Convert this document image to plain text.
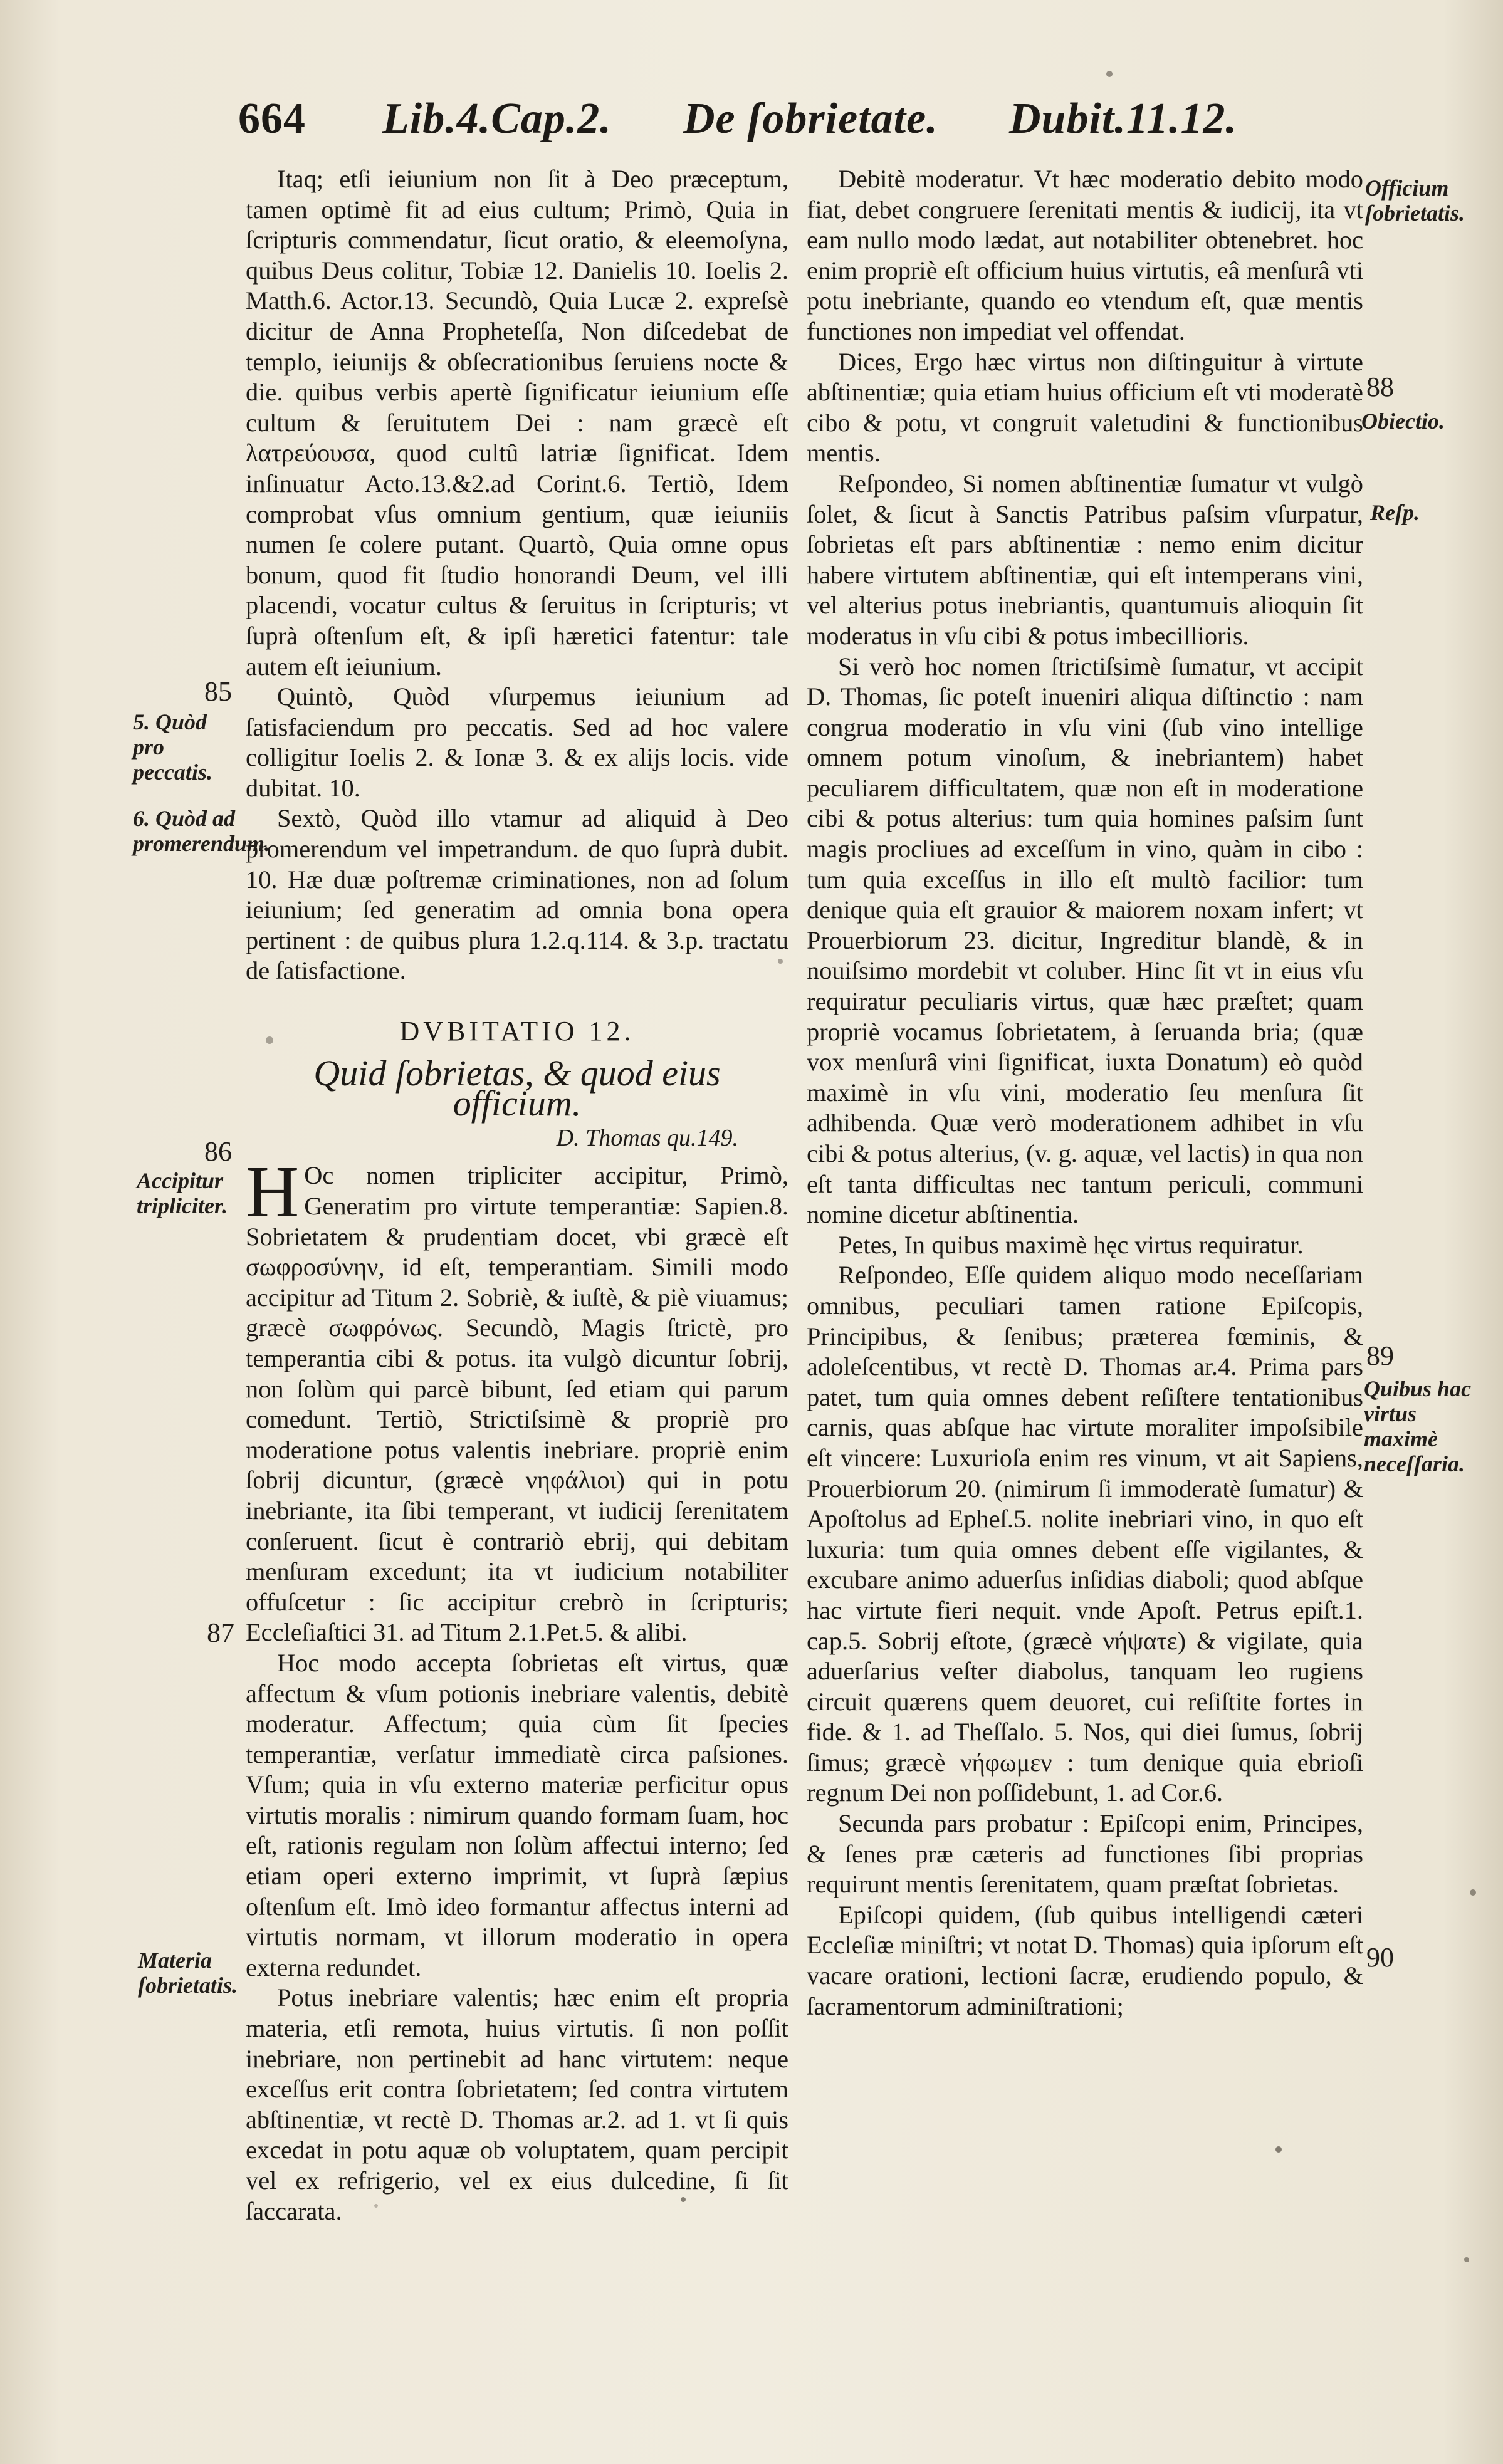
664 Lib.4.Cap.2. De ſobrietate. Dubit.11.12.

Itaq; etſi ieiunium non ſit à Deo præceptum, tamen optimè fit ad eius cultum; Primò, Quia in ſcripturis commendatur, ſicut oratio, & eleemoſyna, quibus Deus colitur, Tobiæ 12. Danielis 10. Ioelis 2. Matth.6. Actor.13. Secundò, Quia Lucæ 2. expreſsè dicitur de Anna Propheteſſa, Non diſcedebat de templo, ieiunijs & obſecrationibus ſeruiens nocte & die. quibus verbis apertè ſignificatur ieiunium eſſe cultum & ſeruitutem Dei : nam græcè eſt λατρεύουσα, quod cultû latriæ ſignificat. Idem inſinuatur Acto.13.&2.ad Corint.6. Tertiò, Idem comprobat vſus omnium gentium, quæ ieiuniis numen ſe colere putant. Quartò, Quia omne opus bonum, quod fit ſtudio honorandi Deum, vel illi placendi, vocatur cultus & ſeruitus in ſcripturis; vt ſuprà oſtenſum eſt, & ipſi hæretici fatentur: tale autem eſt ieiunium.

Quintò, Quòd vſurpemus ieiunium ad ſatisfaciendum pro peccatis. Sed ad hoc valere colligitur Ioelis 2. & Ionæ 3. & ex alijs locis. vide dubitat. 10.

Sextò, Quòd illo vtamur ad aliquid à Deo promerendum vel impetrandum. de quo ſuprà dubit. 10. Hæ duæ poſtremæ criminationes, non ad ſolum ieiunium; ſed generatim ad omnia bona opera pertinent : de quibus plura 1.2.q.114. & 3.p. tractatu de ſatisfactione.

DVBITATIO 12.
Quid ſobrietas, & quod eius officium.
D. Thomas qu.149.

H Oc nomen tripliciter accipitur, Primò, Generatim pro virtute temperantiæ: Sapien.8. Sobrietatem & prudentiam docet, vbi græcè eſt σωφροσύνην, id eſt, temperantiam. Simili modo accipitur ad Titum 2. Sobriè, & iuſtè, & piè viuamus; græcè σωφρόνως. Secundò, Magis ſtrictè, pro temperantia cibi & potus. ita vulgò dicuntur ſobrij, non ſolùm qui parcè bibunt, ſed etiam qui parum comedunt. Tertiò, Strictiſsimè & propriè pro moderatione potus valentis inebriare. propriè enim ſobrij dicuntur, (græcè νηφάλιοι) qui in potu inebriante, ita ſibi temperant, vt iudicij ſerenitatem conſeruent. ſicut è contrariò ebrij, qui debitam menſuram excedunt; ita vt iudicium notabiliter offuſcetur : ſic accipitur crebrò in ſcripturis; Eccleſiaſtici 31. ad Titum 2.1.Pet.5. & alibi.

Hoc modo accepta ſobrietas eſt virtus, quæ affectum & vſum potionis inebriare valentis, debitè moderatur. Affectum; quia cùm ſit ſpecies temperantiæ, verſatur immediatè circa paſsiones. Vſum; quia in vſu externo materiæ perficitur opus virtutis moralis : nimirum quando formam ſuam, hoc eſt, rationis regulam non ſolùm affectui interno; ſed etiam operi externo imprimit, vt ſuprà ſæpius oſtenſum eſt. Imò ideo formantur affectus interni ad virtutis normam, vt illorum moderatio in opera externa redundet.

Potus inebriare valentis; hæc enim eſt propria materia, etſi remota, huius virtutis. ſi non poſſit inebriare, non pertinebit ad hanc virtutem: neque exceſſus erit contra ſobrietatem; ſed contra virtutem abſtinentiæ, vt rectè D. Thomas ar.2. ad 1. vt ſi quis excedat in potu aquæ ob voluptatem, quam percipit vel ex refrigerio, vel ex eius dulcedine, ſi ſit ſaccarata.

Debitè moderatur. Vt hæc moderatio debito modo fiat, debet congruere ſerenitati mentis & iudicij, ita vt eam nullo modo lædat, aut notabiliter obtenebret. hoc enim propriè eſt officium huius virtutis, eâ menſurâ vti potu inebriante, quando eo vtendum eſt, quæ mentis functiones non impediat vel offendat.

Dices, Ergo hæc virtus non diſtinguitur à virtute abſtinentiæ; quia etiam huius officium eſt vti moderatè cibo & potu, vt congruit valetudini & functionibus mentis.

Reſpondeo, Si nomen abſtinentiæ ſumatur vt vulgò ſolet, & ſicut à Sanctis Patribus paſsim vſurpatur, ſobrietas eſt pars abſtinentiæ : nemo enim dicitur habere virtutem abſtinentiæ, qui eſt intemperans vini, vel alterius potus inebriantis, quantumuis alioquin ſit moderatus in vſu cibi & potus imbecillioris.

Si verò hoc nomen ſtrictiſsimè ſumatur, vt accipit D. Thomas, ſic poteſt inueniri aliqua diſtinctio : nam congrua moderatio in vſu vini (ſub vino intellige omnem potum vinoſum, & inebriantem) habet peculiarem difficultatem, quæ non eſt in moderatione cibi & potus alterius: tum quia homines paſsim ſunt magis procliues ad exceſſum in vino, quàm in cibo : tum quia exceſſus in illo eſt multò facilior: tum denique quia eſt grauior & maiorem noxam infert; vt Prouerbiorum 23. dicitur, Ingreditur blandè, & in nouiſsimo mordebit vt coluber. Hinc ſit vt in eius vſu requiratur peculiaris virtus, quæ hæc præſtet; quam propriè vocamus ſobrietatem, à ſeruanda bria; (quæ vox menſurâ vini ſignificat, iuxta Donatum) eò quòd maximè in vſu vini, moderatio ſeu menſura ſit adhibenda. Quæ verò moderationem adhibet in vſu cibi & potus alterius, (v. g. aquæ, vel lactis) in qua non eſt tanta difficultas nec tantum periculi, communi nomine dicetur abſtinentia.

Petes, In quibus maximè hęc virtus requiratur.

Reſpondeo, Eſſe quidem aliquo modo neceſſariam omnibus, peculiari tamen ratione Epiſcopis, Principibus, & ſenibus; præterea fœminis, & adoleſcentibus, vt rectè D. Thomas ar.4. Prima pars patet, tum quia omnes debent reſiſtere tentationibus carnis, quas abſque hac virtute moraliter impoſsibile eſt vincere: Luxurioſa enim res vinum, vt ait Sapiens, Prouerbiorum 20. (nimirum ſi immoderatè ſumatur) & Apoſtolus ad Epheſ.5. nolite inebriari vino, in quo eſt luxuria: tum quia omnes debent eſſe vigilantes, & excubare animo aduerſus inſidias diaboli; quod abſque hac virtute fieri nequit. vnde Apoſt. Petrus epiſt.1. cap.5. Sobrij eſtote, (græcè νήψατε) & vigilate, quia aduerſarius veſter diabolus, tanquam leo rugiens circuit quærens quem deuoret, cui reſiſtite fortes in fide. & 1. ad Theſſalo. 5. Nos, qui diei ſumus, ſobrij ſimus; græcè νήφωμεν : tum denique quia ebrioſi regnum Dei non poſſidebunt, 1. ad Cor.6.

Secunda pars probatur : Epiſcopi enim, Principes, & ſenes præ cæteris ad functiones ſibi proprias requirunt mentis ſerenitatem, quam præſtat ſobrietas.

Epiſcopi quidem, (ſub quibus intelligendi cæteri Eccleſiæ miniſtri; vt notat D. Thomas) quia ipſorum eſt vacare orationi, lectioni ſacræ, erudiendo populo, & ſacramentorum adminiſtrationi;

85
5. Quòd pro peccatis.
6. Quòd ad promerendum.
86
Accipitur tripliciter.
87
Materia ſobrietatis.
Officium ſobrietatis.
88
Obiectio.
Reſp.
89
Quibus hac virtus maximè neceſſaria.
90
